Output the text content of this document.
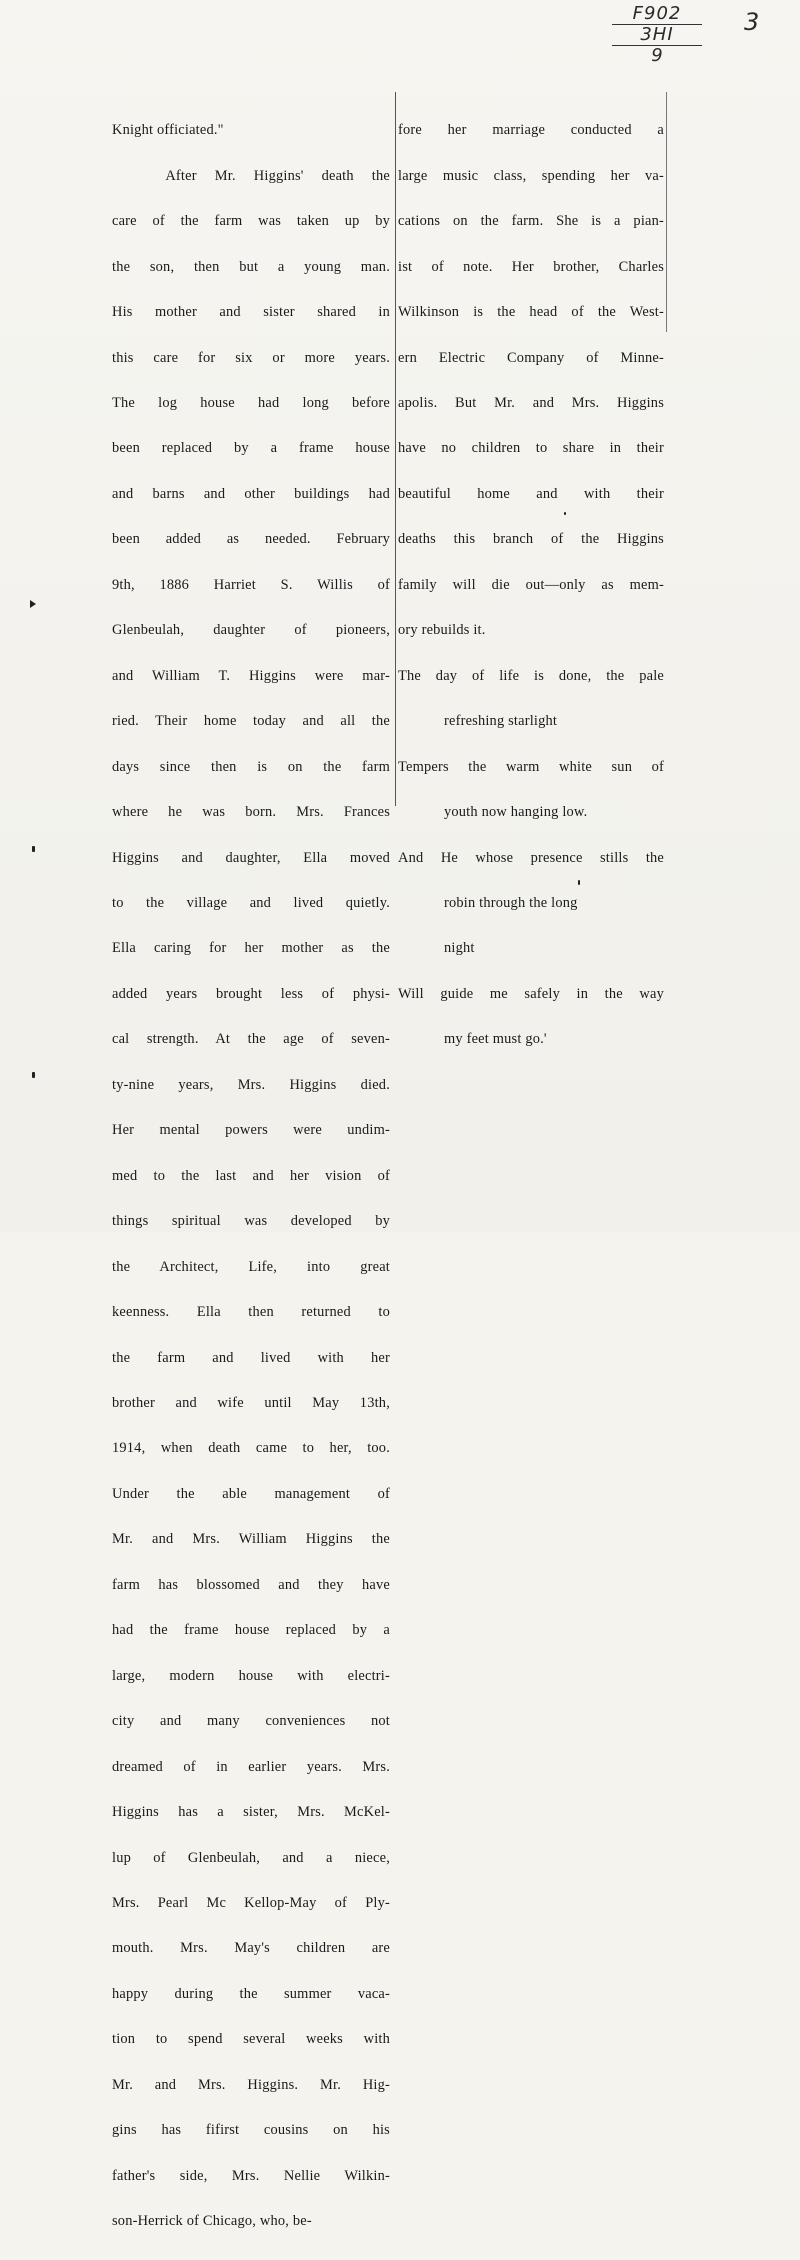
F902
3HI
9
3

Knight officiated."

After Mr. Higgins' death the

care of the farm was taken up by

the son, then but a young man.

His mother and sister shared in

this care for six or more years.

The log house had long before

been replaced by a frame house

and barns and other buildings had

been added as needed. February

9th, 1886 Harriet S. Willis of

Glenbeulah, daughter of pioneers,

and William T. Higgins were mar-

ried. Their home today and all the

days since then is on the farm

where he was born. Mrs. Frances

Higgins and daughter, Ella moved

to the village and lived quietly.

Ella caring for her mother as the

added years brought less of physi-

cal strength. At the age of seven-

ty-nine years, Mrs. Higgins died.

Her mental powers were undim-

med to the last and her vision of

things spiritual was developed by

the Architect, Life, into great

keenness. Ella then returned to

the farm and lived with her

brother and wife until May 13th,

1914, when death came to her, too.

Under the able management of

Mr. and Mrs. William Higgins the

farm has blossomed and they have

had the frame house replaced by a

large, modern house with electri-

city and many conveniences not

dreamed of in earlier years. Mrs.

Higgins has a sister, Mrs. McKel-

lup of Glenbeulah, and a niece,

Mrs. Pearl Mc Kellop-May of Ply-

mouth. Mrs. May's children are

happy during the summer vaca-

tion to spend several weeks with

Mr. and Mrs. Higgins. Mr. Hig-

gins has fifirst cousins on his

father's side, Mrs. Nellie Wilkin-

son-Herrick of Chicago, who, be-

fore her marriage conducted a

large music class, spending her va-

cations on the farm. She is a pian-

ist of note. Her brother, Charles

Wilkinson is the head of the West-

ern Electric Company of Minne-

apolis. But Mr. and Mrs. Higgins

have no children to share in their

beautiful home and with their

deaths this branch of the Higgins

family will die out—only as mem-

ory rebuilds it.

The day of life is done, the pale

refreshing starlight

Tempers the warm white sun of

youth now hanging low.

And He whose presence stills the

robin through the long

night

Will guide me safely in the way

my feet must go.'
